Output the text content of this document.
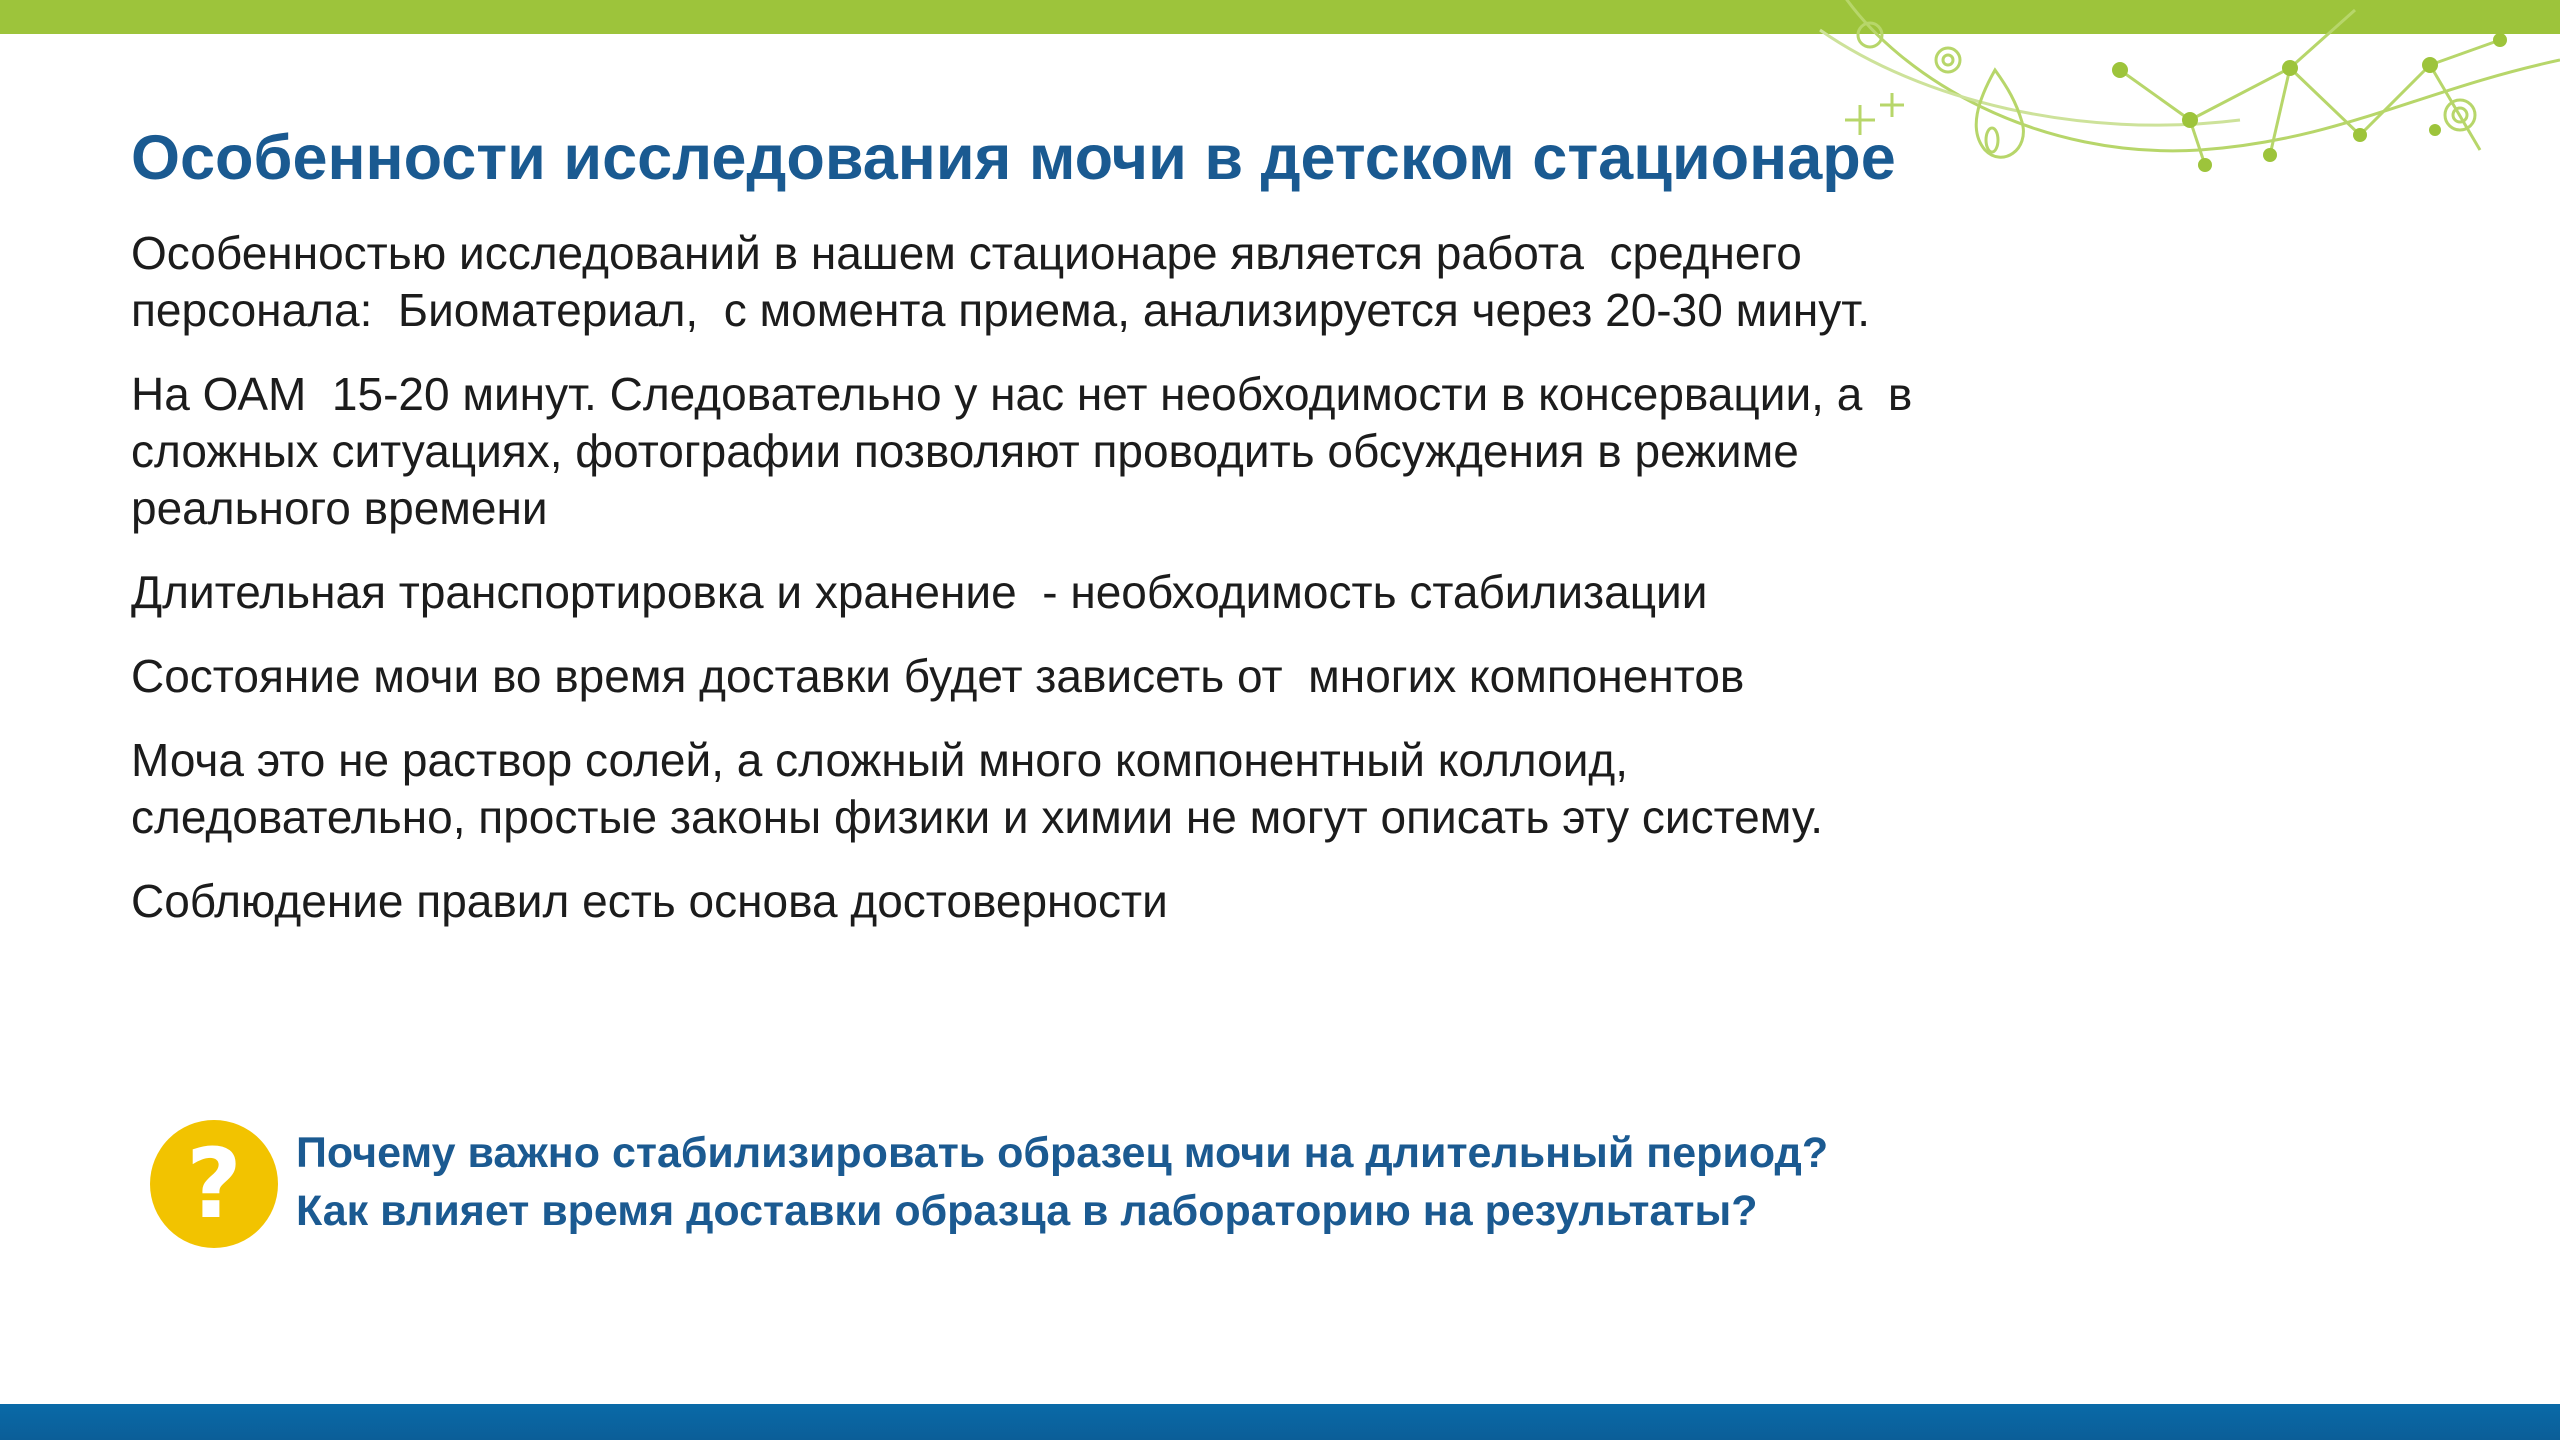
Особенности исследования мочи в детском стационаре

Особенностью исследований в нашем стационаре является работа  среднего
персонала:  Биоматериал,  с момента приема, анализируется через 20-30 минут.

На ОАМ  15-20 минут. Следовательно у нас нет необходимости в консервации, а  в
сложных ситуациях, фотографии позволяют проводить обсуждения в режиме
реального времени

Длительная транспортировка и хранение  - необходимость стабилизации

Состояние мочи во время доставки будет зависеть от  многих компонентов

Моча это не раствор солей, а сложный много компонентный коллоид,
следовательно, простые законы физики и химии не могут описать эту систему.

Соблюдение правил есть основа достоверности

?	Почему важно стабилизировать образец мочи на длительный период?
Как влияет время доставки образца в лабораторию на результаты?
